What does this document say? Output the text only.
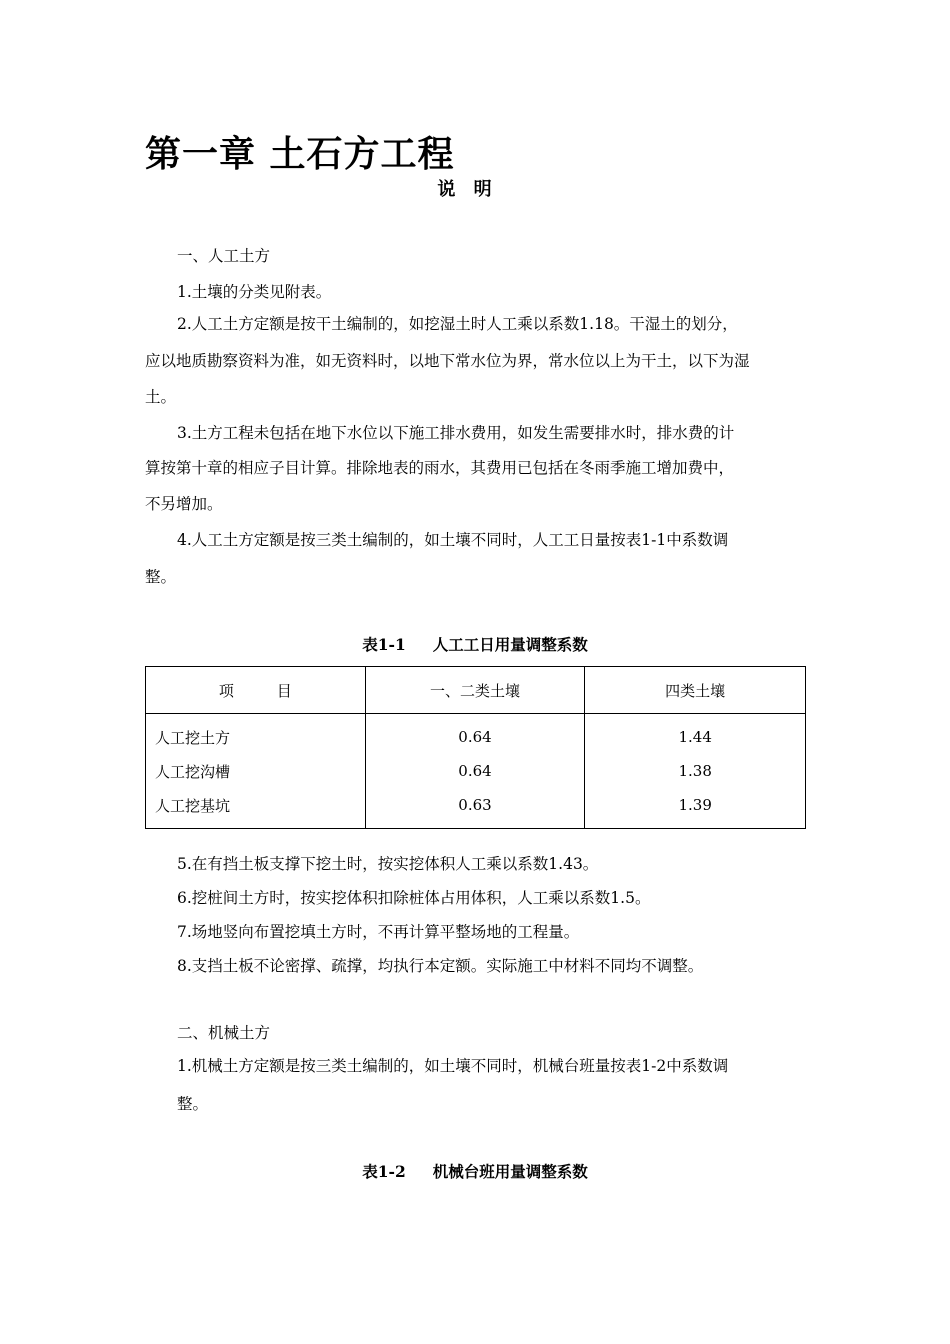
第一章 土石方工程
说 明
一、人工土方
1.土壤的分类见附表。
2.人工土方定额是按干土编制的，如挖湿土时人工乘以系数1.18。干湿土的划分，
应以地质勘察资料为准，如无资料时，以地下常水位为界，常水位以上为干土，以下为湿
土。
3.土方工程未包括在地下水位以下施工排水费用，如发生需要排水时，排水费的计
算按第十章的相应子目计算。排除地表的雨水，其费用已包括在冬雨季施工增加费中，
不另增加。
4.人工土方定额是按三类土编制的，如土壤不同时，人工工日量按表1-1中系数调
整。
表1-1     人工工日用量调整系数
项         目	一、二类土壤	四类土壤
人工挖土方	0.64	1.44
人工挖沟槽	0.64	1.38
人工挖基坑	0.63	1.39
5.在有挡土板支撑下挖土时，按实挖体积人工乘以系数1.43。
6.挖桩间土方时，按实挖体积扣除桩体占用体积，人工乘以系数1.5。
7.场地竖向布置挖填土方时，不再计算平整场地的工程量。
8.支挡土板不论密撑、疏撑，均执行本定额。实际施工中材料不同均不调整。
二、机械土方
1.机械土方定额是按三类土编制的，如土壤不同时，机械台班量按表1-2中系数调
整。
表1-2     机械台班用量调整系数
